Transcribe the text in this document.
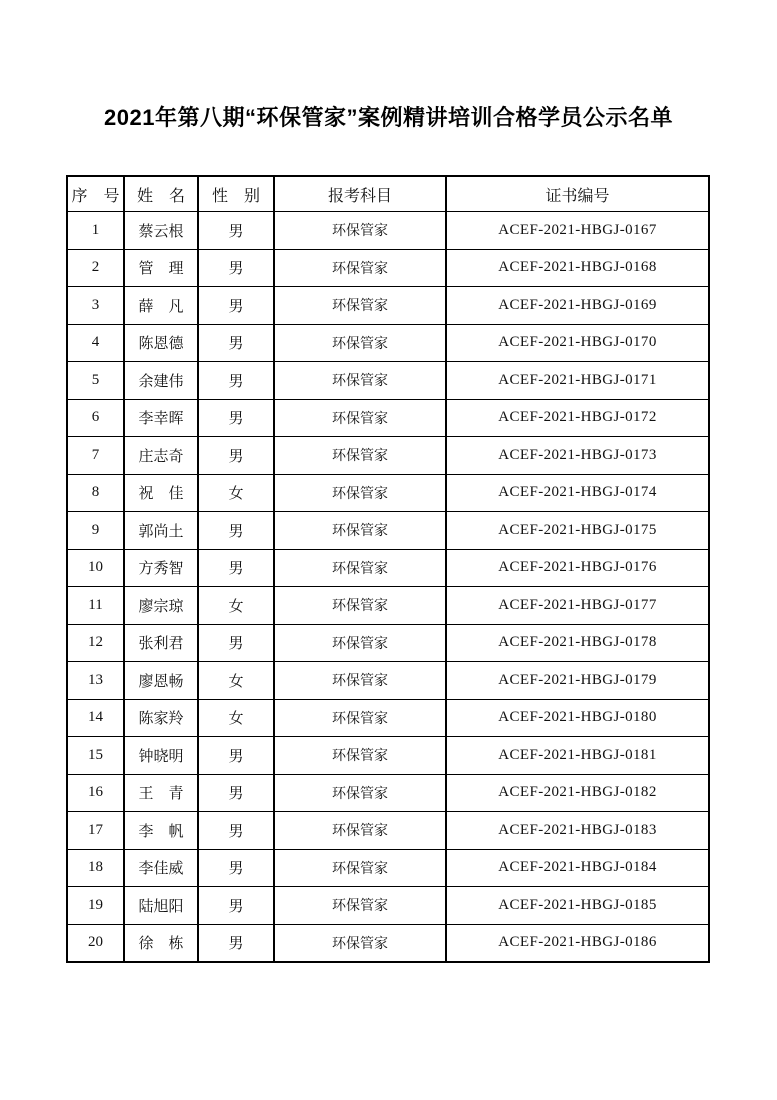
2021年第八期“环保管家”案例精讲培训合格学员公示名单
序　号	姓　名	性　别	报考科目	证书编号
1	蔡云根	男	环保管家	ACEF-2021-HBGJ-0167
2	管　理	男	环保管家	ACEF-2021-HBGJ-0168
3	薛　凡	男	环保管家	ACEF-2021-HBGJ-0169
4	陈恩德	男	环保管家	ACEF-2021-HBGJ-0170
5	余建伟	男	环保管家	ACEF-2021-HBGJ-0171
6	李幸晖	男	环保管家	ACEF-2021-HBGJ-0172
7	庄志奇	男	环保管家	ACEF-2021-HBGJ-0173
8	祝　佳	女	环保管家	ACEF-2021-HBGJ-0174
9	郭尚土	男	环保管家	ACEF-2021-HBGJ-0175
10	方秀智	男	环保管家	ACEF-2021-HBGJ-0176
11	廖宗琼	女	环保管家	ACEF-2021-HBGJ-0177
12	张利君	男	环保管家	ACEF-2021-HBGJ-0178
13	廖恩畅	女	环保管家	ACEF-2021-HBGJ-0179
14	陈家羚	女	环保管家	ACEF-2021-HBGJ-0180
15	钟晓明	男	环保管家	ACEF-2021-HBGJ-0181
16	王　青	男	环保管家	ACEF-2021-HBGJ-0182
17	李　帆	男	环保管家	ACEF-2021-HBGJ-0183
18	李佳威	男	环保管家	ACEF-2021-HBGJ-0184
19	陆旭阳	男	环保管家	ACEF-2021-HBGJ-0185
20	徐　栋	男	环保管家	ACEF-2021-HBGJ-0186
